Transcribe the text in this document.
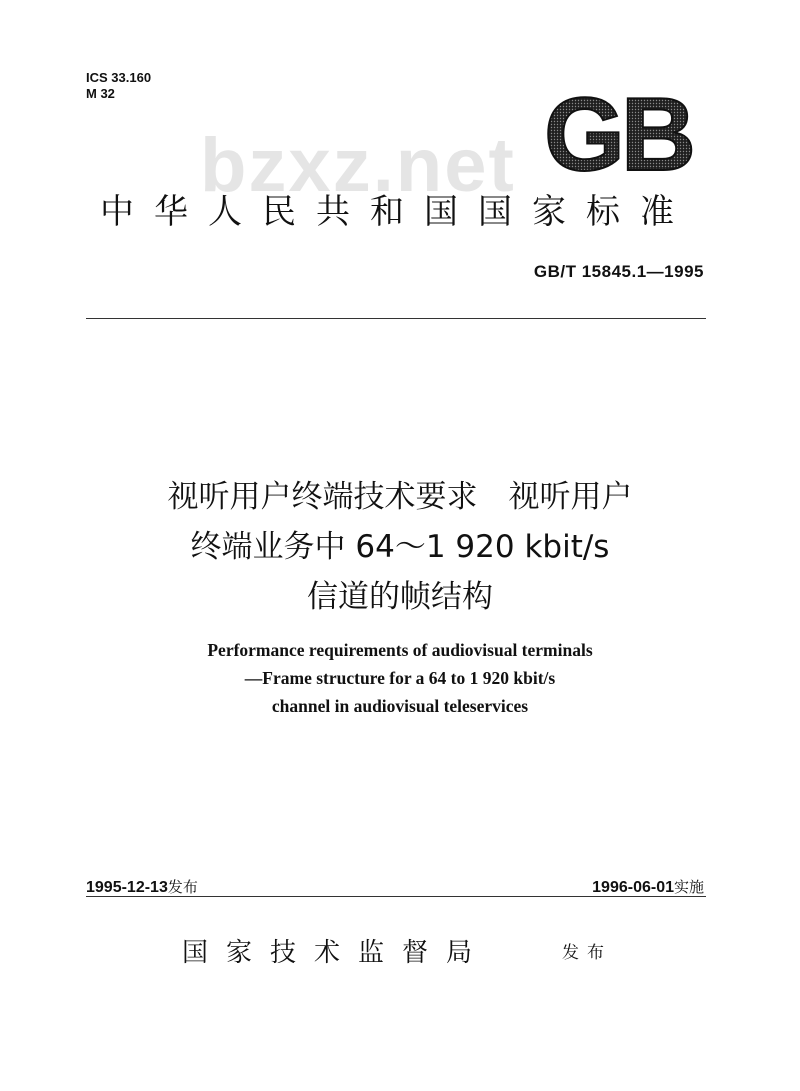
ICS 33.160
M 32
bzxz.net GB
中华人民共和国国家标准
GB/T 15845.1—1995
视听用户终端技术要求　视听用户
终端业务中 64～1 920 kbit/s
信道的帧结构
Performance requirements of audiovisual terminals
—Frame structure for a 64 to 1 920 kbit/s
channel in audiovisual teleservices
1995-12-13发布	1996-06-01实施
国家技术监督局	发布
